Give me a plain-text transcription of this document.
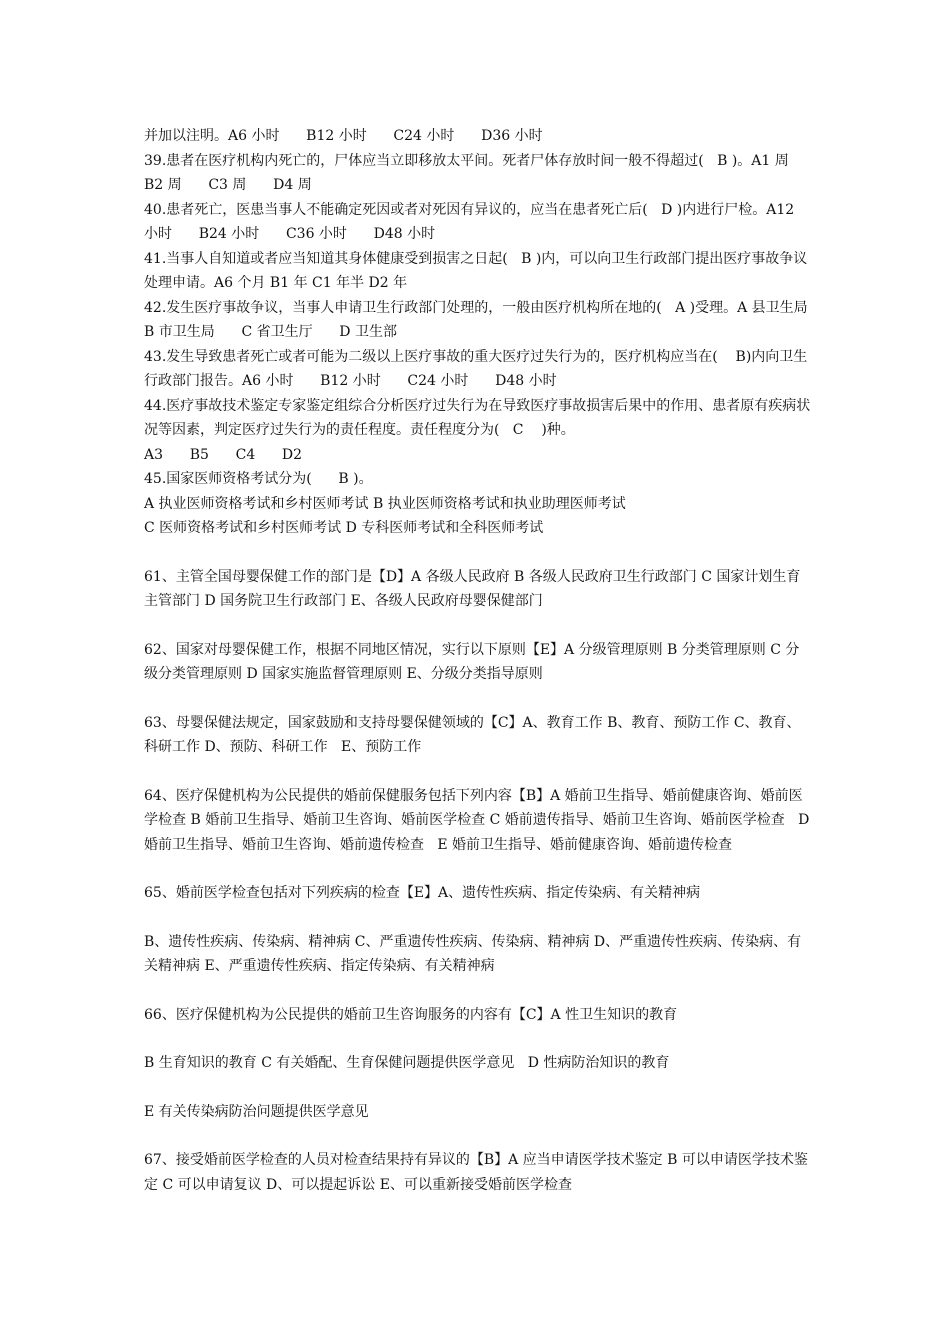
并加以注明。A6 小时      B12 小时      C24 小时      D36 小时

39.患者在医疗机构内死亡的，尸体应当立即移放太平间。死者尸体存放时间一般不得超过(   B )。A1 周      B2 周      C3 周      D4 周

40.患者死亡，医患当事人不能确定死因或者对死因有异议的，应当在患者死亡后(   D )内进行尸检。A12 小时      B24 小时      C36 小时      D48 小时

41.当事人自知道或者应当知道其身体健康受到损害之日起(   B )内，可以向卫生行政部门提出医疗事故争议处理申请。A6 个月 B1 年 C1 年半 D2 年

42.发生医疗事故争议，当事人申请卫生行政部门处理的，一般由医疗机构所在地的(   A )受理。A 县卫生局      B 市卫生局      C 省卫生厅      D 卫生部

43.发生导致患者死亡或者可能为二级以上医疗事故的重大医疗过失行为的，医疗机构应当在(    B)内向卫生行政部门报告。A6 小时      B12 小时      C24 小时      D48 小时

44.医疗事故技术鉴定专家鉴定组综合分析医疗过失行为在导致医疗事故损害后果中的作用、患者原有疾病状况等因素，判定医疗过失行为的责任程度。责任程度分为(   C    )种。

A3      B5      C4      D2

45.国家医师资格考试分为(      B )。

A 执业医师资格考试和乡村医师考试 B 执业医师资格考试和执业助理医师考试

C 医师资格考试和乡村医师考试 D 专科医师考试和全科医师考试

61、主管全国母婴保健工作的部门是【D】A 各级人民政府 B 各级人民政府卫生行政部门 C 国家计划生育主管部门 D 国务院卫生行政部门 E、各级人民政府母婴保健部门

62、国家对母婴保健工作，根据不同地区情况，实行以下原则【E】A 分级管理原则 B 分类管理原则 C 分级分类管理原则 D 国家实施监督管理原则 E、分级分类指导原则

63、母婴保健法规定，国家鼓励和支持母婴保健领域的【C】A、教育工作 B、教育、预防工作 C、教育、科研工作 D、预防、科研工作   E、预防工作

64、医疗保健机构为公民提供的婚前保健服务包括下列内容【B】A 婚前卫生指导、婚前健康咨询、婚前医学检查 B 婚前卫生指导、婚前卫生咨询、婚前医学检查 C 婚前遗传指导、婚前卫生咨询、婚前医学检查   D 婚前卫生指导、婚前卫生咨询、婚前遗传检查   E 婚前卫生指导、婚前健康咨询、婚前遗传检查

65、婚前医学检查包括对下列疾病的检查【E】A、遗传性疾病、指定传染病、有关精神病

B、遗传性疾病、传染病、精神病 C、严重遗传性疾病、传染病、精神病 D、严重遗传性疾病、传染病、有关精神病 E、严重遗传性疾病、指定传染病、有关精神病

66、医疗保健机构为公民提供的婚前卫生咨询服务的内容有【C】A 性卫生知识的教育

B 生育知识的教育 C 有关婚配、生育保健问题提供医学意见   D 性病防治知识的教育

E 有关传染病防治问题提供医学意见

67、接受婚前医学检查的人员对检查结果持有异议的【B】A 应当申请医学技术鉴定 B 可以申请医学技术鉴定 C 可以申请复议 D、可以提起诉讼 E、可以重新接受婚前医学检查
